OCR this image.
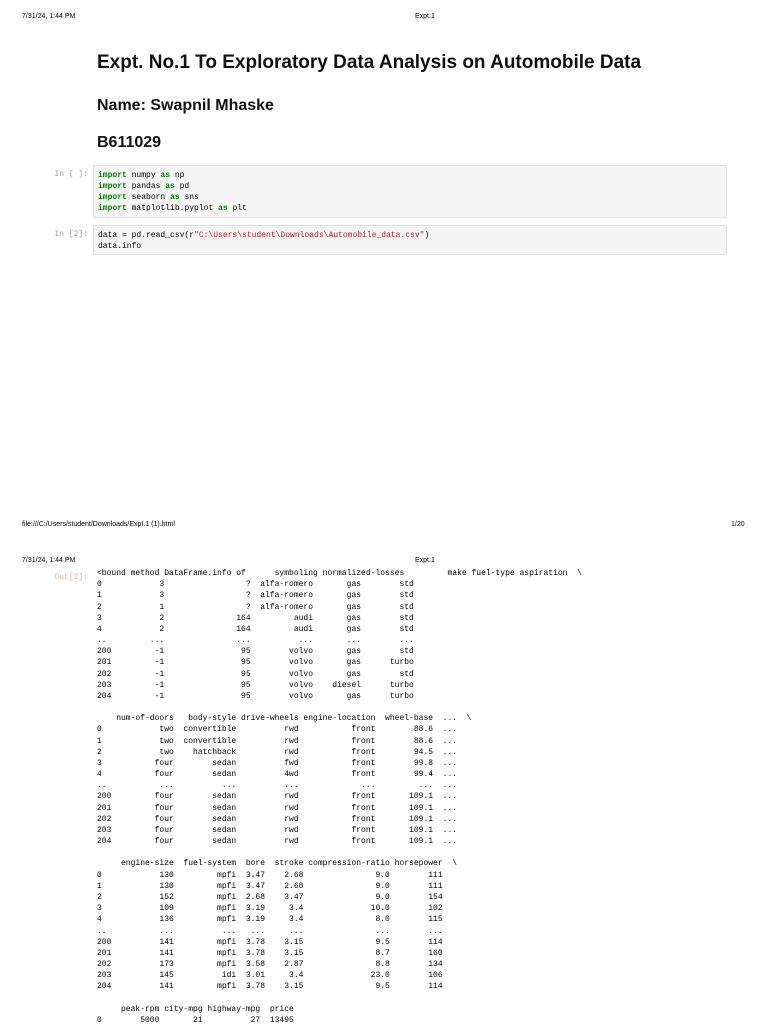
7/31/24, 1:44 PM	Expt.1
Expt. No.1 To Exploratory Data Analysis on Automobile Data
Name: Swapnil Mhaske
B611029
In [ ]: import numpy as np
import pandas as pd
import seaborn as sns
import matplotlib.pyplot as plt
In [2]: data = pd.read_csv(r"C:\Users\student\Downloads\Automobile_data.csv")
data.info
file:///C:/Users/student/Downloads/Expt.1 (1).html	1/20
7/31/24, 1:44 PM	Expt.1
Out[2]: <bound method DataFrame.info of      symboling normalized-losses         make fuel-type aspiration  \
0            3                 ?  alfa-romero       gas        std
1            3                 ?  alfa-romero       gas        std
2            1                 ?  alfa-romero       gas        std
3            2               164         audi       gas        std
4            2               164         audi       gas        std
..         ...               ...          ...       ...        ...
200         -1                95        volvo       gas        std
201         -1                95        volvo       gas      turbo
202         -1                95        volvo       gas        std
203         -1                95        volvo    diesel      turbo
204         -1                95        volvo       gas      turbo
num-of-doors   body-style drive-wheels engine-location  wheel-base  ...  \
0            two  convertible          rwd           front        88.6  ...
1            two  convertible          rwd           front        88.6  ...
2            two    hatchback          rwd           front        94.5  ...
3           four        sedan          fwd           front        99.8  ...
4           four        sedan          4wd           front        99.4  ...
..           ...          ...          ...             ...         ...  ...
200         four        sedan          rwd           front       109.1  ...
201         four        sedan          rwd           front       109.1  ...
202         four        sedan          rwd           front       109.1  ...
203         four        sedan          rwd           front       109.1  ...
204         four        sedan          rwd           front       109.1  ...
engine-size  fuel-system  bore  stroke compression-ratio horsepower  \
0            130         mpfi  3.47    2.68               9.0        111
1            130         mpfi  3.47    2.68               9.0        111
2            152         mpfi  2.68    3.47               9.0        154
3            109         mpfi  3.19     3.4              10.0        102
4            136         mpfi  3.19     3.4               8.0        115
..           ...          ...   ...     ...               ...        ...
200          141         mpfi  3.78    3.15               9.5        114
201          141         mpfi  3.78    3.15               8.7        160
202          173         mpfi  3.58    2.87               8.8        134
203          145          idi  3.01     3.4              23.0        106
204          141         mpfi  3.78    3.15               9.5        114
peak-rpm city-mpg highway-mpg  price
0        5000       21          27  13495
